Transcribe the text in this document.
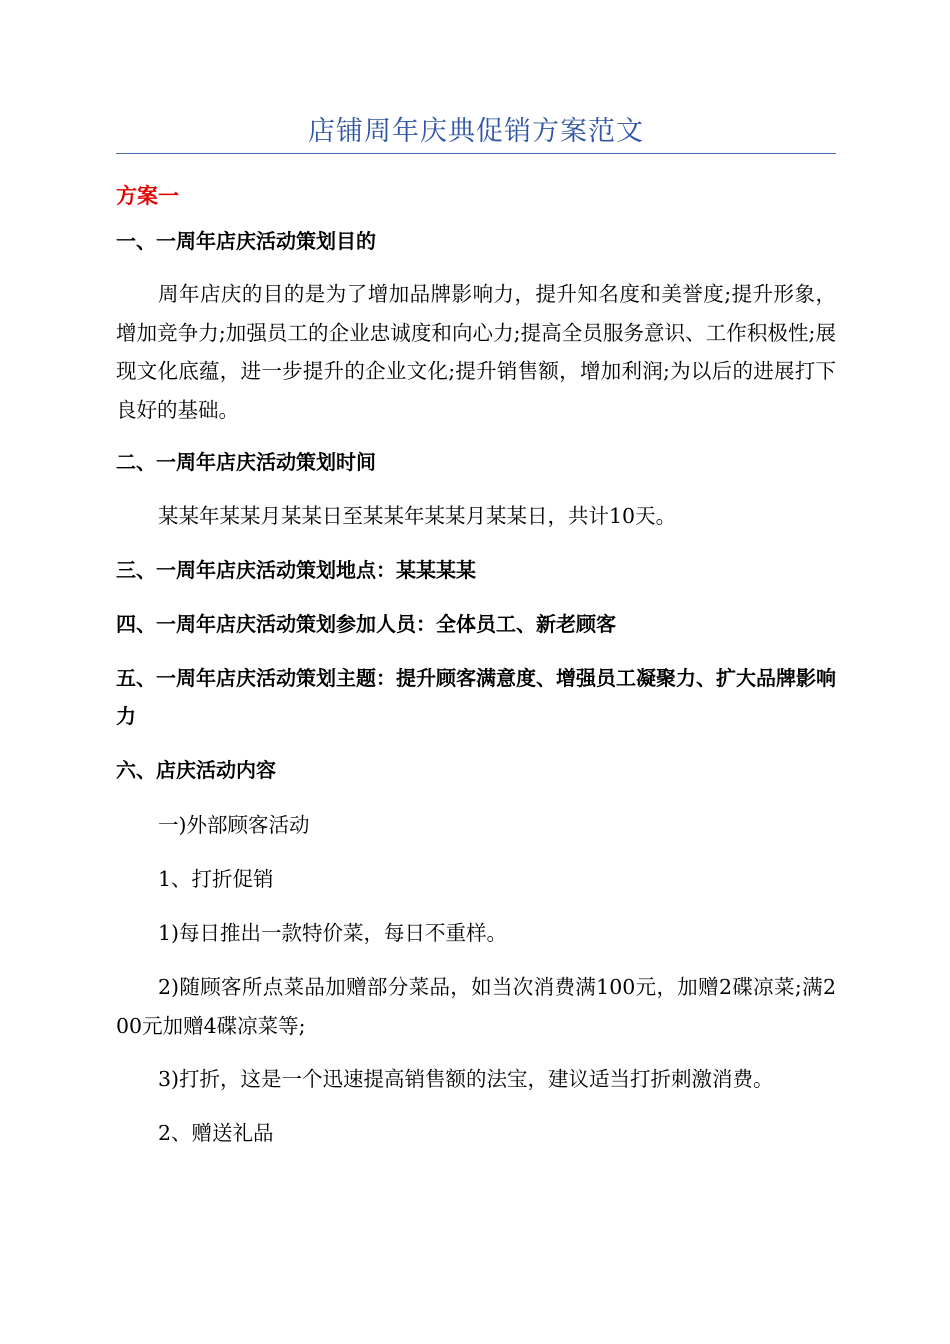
店铺周年庆典促销方案范文
方案一
一、一周年店庆活动策划目的
周年店庆的目的是为了增加品牌影响力，提升知名度和美誉度;提升形象，增加竞争力;加强员工的企业忠诚度和向心力;提高全员服务意识、工作积极性;展现文化底蕴，进一步提升的企业文化;提升销售额，增加利润;为以后的进展打下良好的基础。
二、一周年店庆活动策划时间
某某年某某月某某日至某某年某某月某某日，共计10天。
三、一周年店庆活动策划地点：某某某某
四、一周年店庆活动策划参加人员：全体员工、新老顾客
五、一周年店庆活动策划主题：提升顾客满意度、增强员工凝聚力、扩大品牌影响力
六、店庆活动内容
一)外部顾客活动
1、打折促销
1)每日推出一款特价菜，每日不重样。
2)随顾客所点菜品加赠部分菜品，如当次消费满100元，加赠2碟凉菜;满200元加赠4碟凉菜等;
3)打折，这是一个迅速提高销售额的法宝，建议适当打折刺激消费。
2、赠送礼品
